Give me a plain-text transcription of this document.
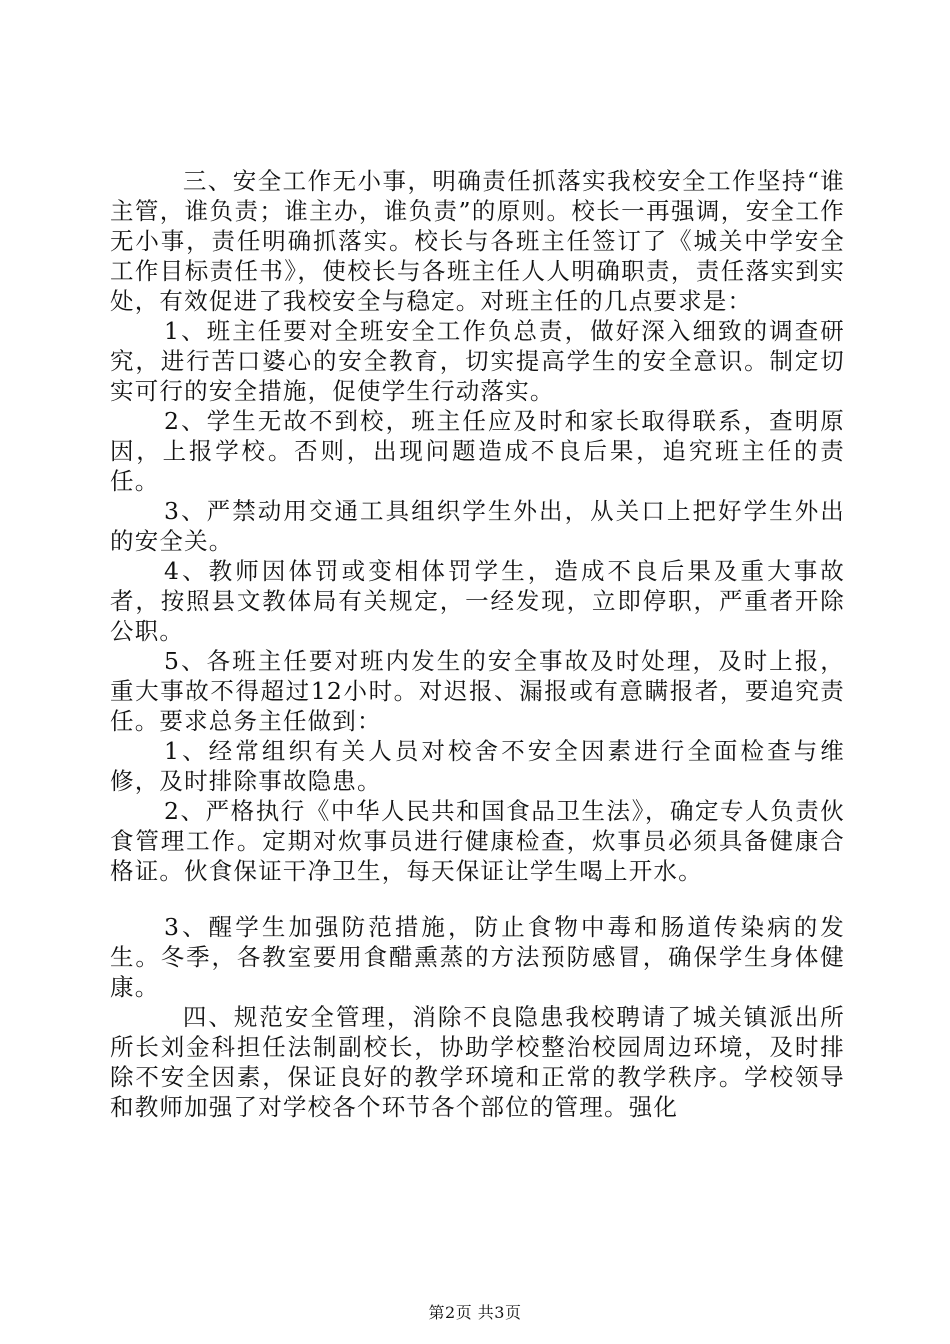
三、安全工作无小事，明确责任抓落实我校安全工作坚持“谁主管，谁负责；谁主办，谁负责”的原则。校长一再强调，安全工作无小事，责任明确抓落实。校长与各班主任签订了《城关中学安全工作目标责任书》，使校长与各班主任人人明确职责，责任落实到实处，有效促进了我校安全与稳定。对班主任的几点要求是：

1、班主任要对全班安全工作负总责，做好深入细致的调查研究，进行苦口婆心的安全教育，切实提高学生的安全意识。制定切实可行的安全措施，促使学生行动落实。

2、学生无故不到校，班主任应及时和家长取得联系，查明原因，上报学校。否则，出现问题造成不良后果，追究班主任的责任。

3、严禁动用交通工具组织学生外出，从关口上把好学生外出的安全关。

4、教师因体罚或变相体罚学生，造成不良后果及重大事故者，按照县文教体局有关规定，一经发现，立即停职，严重者开除公职。

5、各班主任要对班内发生的安全事故及时处理，及时上报，重大事故不得超过12小时。对迟报、漏报或有意瞒报者，要追究责任。要求总务主任做到：

1、经常组织有关人员对校舍不安全因素进行全面检查与维修，及时排除事故隐患。

2、严格执行《中华人民共和国食品卫生法》，确定专人负责伙食管理工作。定期对炊事员进行健康检查，炊事员必须具备健康合格证。伙食保证干净卫生，每天保证让学生喝上开水。

3、醒学生加强防范措施，防止食物中毒和肠道传染病的发生。冬季，各教室要用食醋熏蒸的方法预防感冒，确保学生身体健康。

四、规范安全管理，消除不良隐患我校聘请了城关镇派出所所长刘金科担任法制副校长，协助学校整治校园周边环境，及时排除不安全因素，保证良好的教学环境和正常的教学秩序。学校领导和教师加强了对学校各个环节各个部位的管理。强化

第2页 共3页
